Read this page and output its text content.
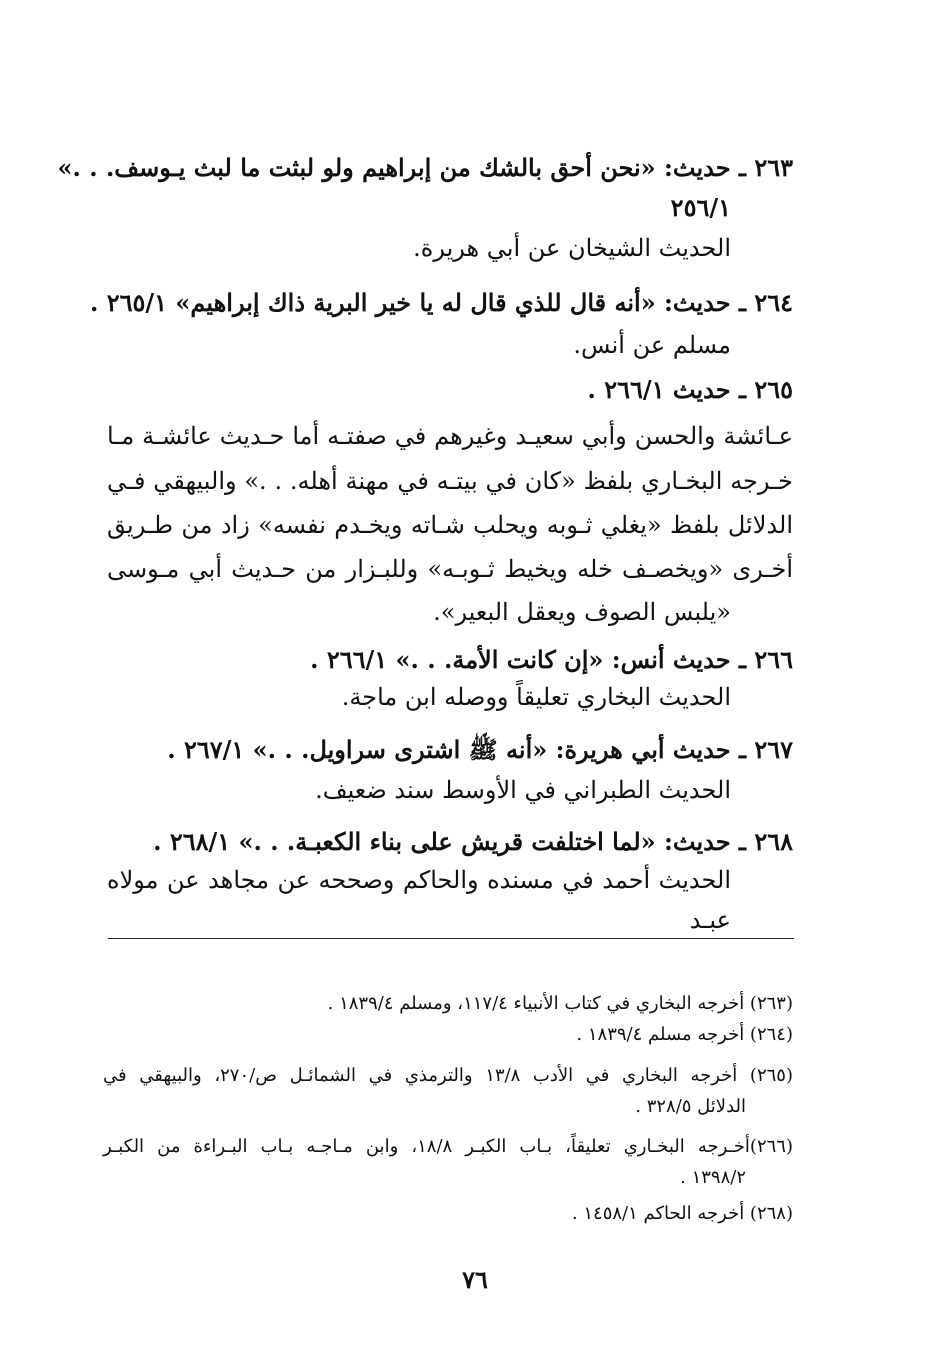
٢٦٣ ـ حديث: «نحن أحق بالشك من إبراهيم ولو لبثت ما لبث يـوسف. . .»
٢٥٦/١
الحديث الشيخان عن أبي هريرة.
٢٦٤ ـ حديث: «أنه قال للذي قال له يا خير البرية ذاك إبراهيم» ٢٦٥/١ .
مسلم عن أنس.
٢٦٥ ـ حديث ٢٦٦/١ .
عـائشة والحسن وأبي سعيـد وغيرهم في صفتـه أما حـديث عائشـة مـا
خـرجه البخـاري بلفظ «كان في بيتـه في مهنة أهله. . .» والبيهقي فـي
الدلائل بلفظ «يغلي ثـوبه ويحلب شـاته ويخـدم نفسه» زاد من طـريق
أخـرى «ويخصـف خله ويخيط ثـوبـه» وللبـزار من حـديث أبي مـوسى
«يلبس الصوف ويعقل البعير».
٢٦٦ ـ حديث أنس: «إن كانت الأمة. . .» ٢٦٦/١ .
الحديث البخاري تعليقاً ووصله ابن ماجة.
٢٦٧ ـ حديث أبي هريرة: «أنه ﷺ اشترى سراويل. . .» ٢٦٧/١ .
الحديث الطبراني في الأوسط سند ضعيف.
٢٦٨ ـ حديث: «لما اختلفت قريش على بناء الكعبـة. . .» ٢٦٨/١ .
الحديث أحمد في مسنده والحاكم وصححه عن مجاهد عن مولاه عبـد
(٢٦٣) أخرجه البخاري في كتاب الأنبياء ١١٧/٤، ومسلم ١٨٣٩/٤ .
(٢٦٤) أخرجه مسلم ١٨٣٩/٤ .
(٢٦٥) أخرجه البخاري في الأدب ١٣/٨ والترمذي في الشمائـل ص/٢٧٠، والبيهقي في
الدلائل ٣٢٨/٥ .
(٢٦٦)أخـرجه البخـاري تعليقاً، بـاب الكبـر ١٨/٨، وابن مـاجـه بـاب البـراءة من الكبـر
١٣٩٨/٢ .
(٢٦٨) أخرجه الحاكم ١٤٥٨/١ .
٧٦
